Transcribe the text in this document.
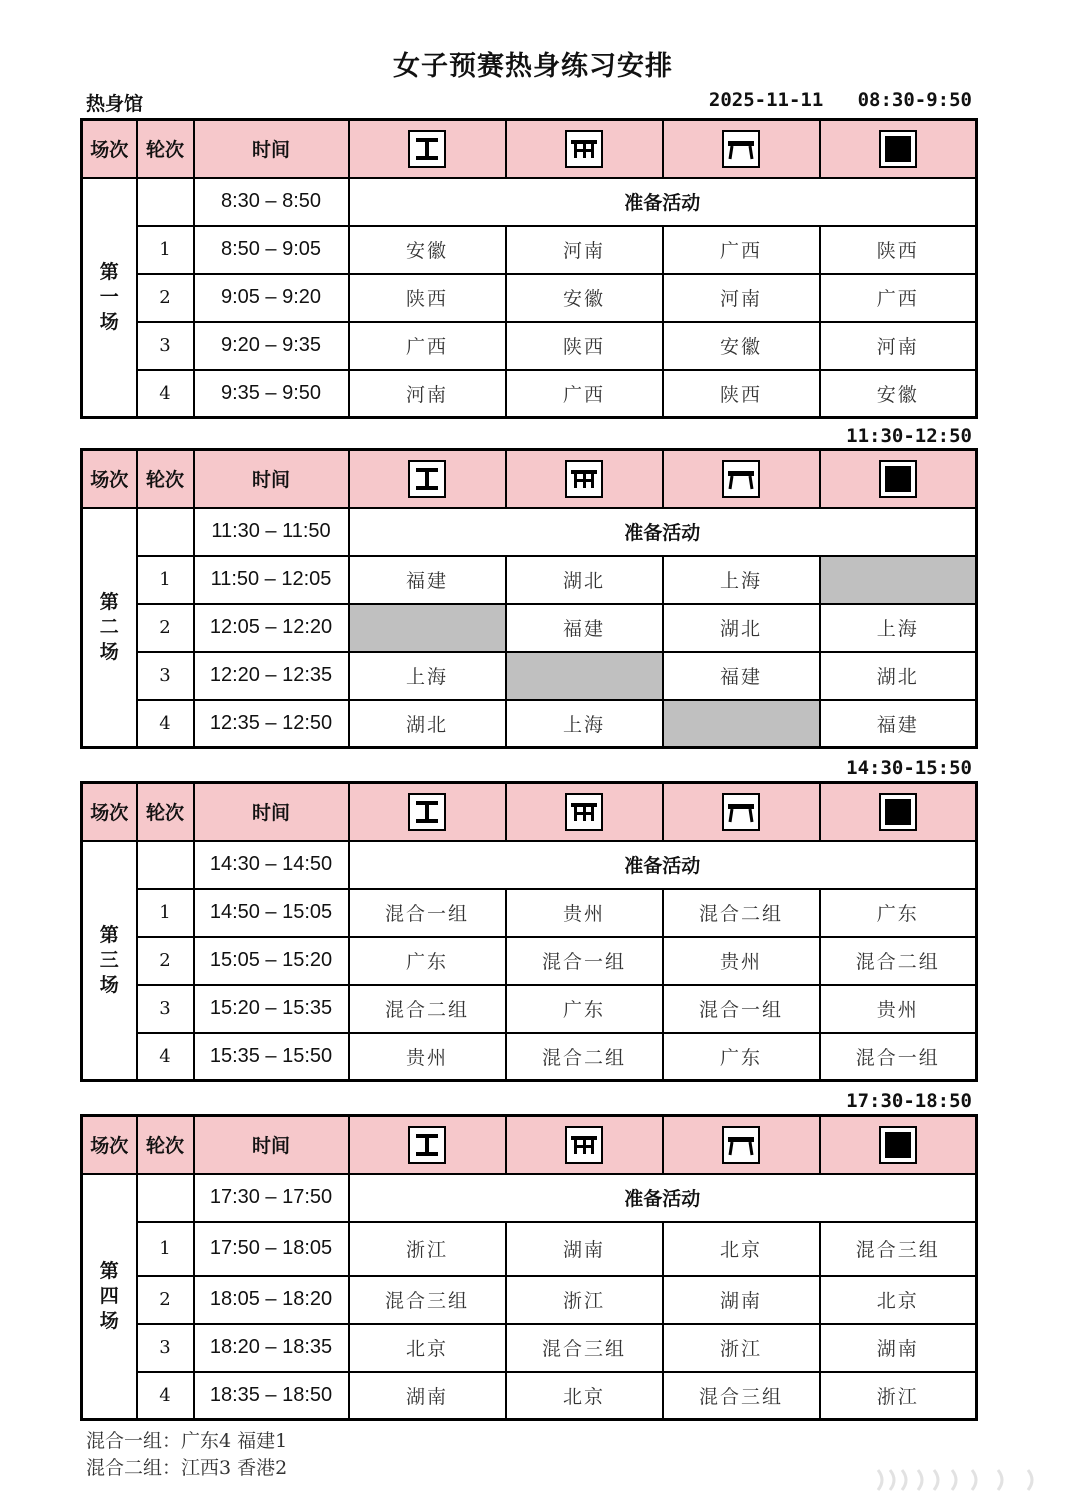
女子预赛热身练习安排
热身馆	2025-11-11   08:30-9:50
场次	轮次	时间	

第
一
场		8:30 – 8:50	准备活动			
	1	8:50 – 9:05	安徽	河南	广西	陕西
	2	9:05 – 9:20	陕西	安徽	河南	广西
	3	9:20 – 9:35	广西	陕西	安徽	河南
	4	9:35 – 9:50	河南	广西	陕西	安徽
场次	轮次	时间	

第
二
场		11:30 – 11:50	准备活动			
	1	11:50 – 12:05	福建	湖北	上海	
	2	12:05 – 12:20		福建	湖北	上海
	3	12:20 – 12:35	上海		福建	湖北
	4	12:35 – 12:50	湖北	上海		福建
场次	轮次	时间	

第
三
场		14:30 – 14:50	准备活动			
	1	14:50 – 15:05	混合一组	贵州	混合二组	广东
	2	15:05 – 15:20	广东	混合一组	贵州	混合二组
	3	15:20 – 15:35	混合二组	广东	混合一组	贵州
	4	15:35 – 15:50	贵州	混合二组	广东	混合一组
场次	轮次	时间	

第
四
场		17:30 – 17:50	准备活动			
	1	17:50 – 18:05	浙江	湖南	北京	混合三组
	2	18:05 – 18:20	混合三组	浙江	湖南	北京
	3	18:20 – 18:35	北京	混合三组	浙江	湖南
	4	18:35 – 18:50	湖南	北京	混合三组	浙江
混合一组：广东4 福建1
混合二组：江西3 香港2
11:30-12:50
14:30-15:50
17:30-18:50
